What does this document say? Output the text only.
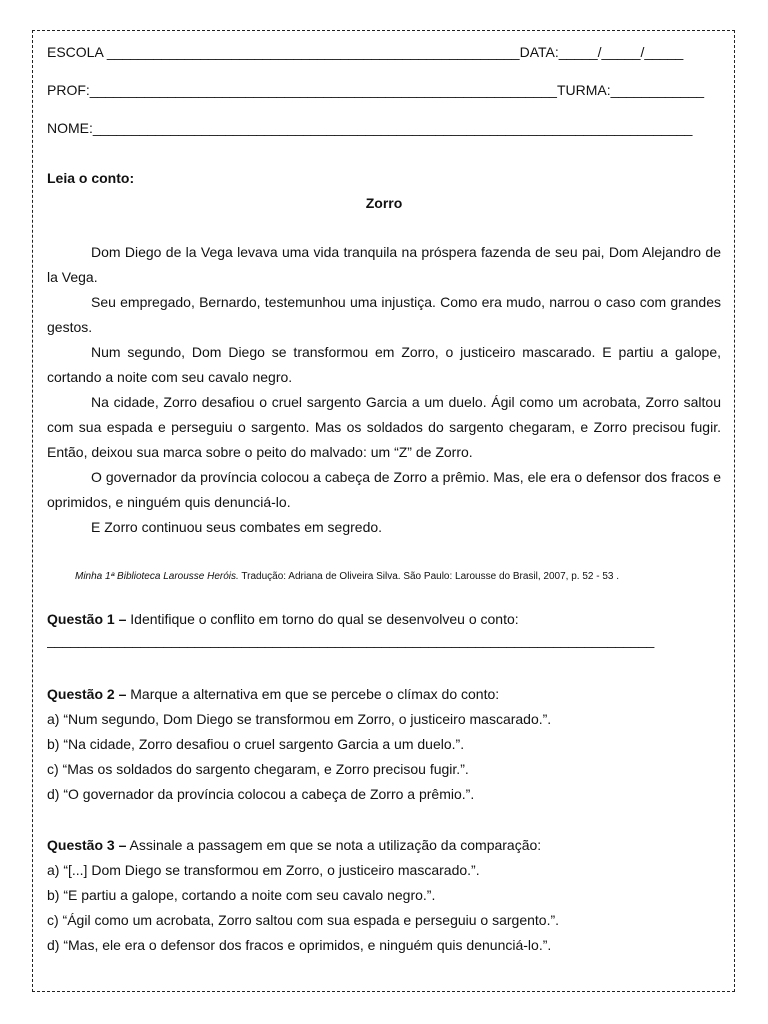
ESCOLA _____________________________________________________DATA:_____/_____/_____
PROF:____________________________________________________________TURMA:____________
NOME:_____________________________________________________________________________
Leia o conto:
Zorro

Dom Diego de la Vega levava uma vida tranquila na próspera fazenda de seu pai, Dom Alejandro de la Vega.

Seu empregado, Bernardo, testemunhou uma injustiça. Como era mudo, narrou o caso com grandes gestos.

Num segundo, Dom Diego se transformou em Zorro, o justiceiro mascarado. E partiu a galope, cortando a noite com seu cavalo negro.

Na cidade, Zorro desafiou o cruel sargento Garcia a um duelo. Ágil como um acrobata, Zorro saltou com sua espada e perseguiu o sargento. Mas os soldados do sargento chegaram, e Zorro precisou fugir. Então, deixou sua marca sobre o peito do malvado: um “Z” de Zorro.

O governador da província colocou a cabeça de Zorro a prêmio. Mas, ele era o defensor dos fracos e oprimidos, e ninguém quis denunciá-lo.

E Zorro continuou seus combates em segredo.

Minha 1ª Biblioteca Larousse Heróis. Tradução: Adriana de Oliveira Silva. São Paulo: Larousse do Brasil, 2007, p. 52 - 53 .

Questão 1 – Identifique o conflito em torno do qual se desenvolveu o conto:

______________________________________________________________________________

Questão 2 – Marque a alternativa em que se percebe o clímax do conto:

a) “Num segundo, Dom Diego se transformou em Zorro, o justiceiro mascarado.”.

b) “Na cidade, Zorro desafiou o cruel sargento Garcia a um duelo.”.

c) “Mas os soldados do sargento chegaram, e Zorro precisou fugir.”.

d) “O governador da província colocou a cabeça de Zorro a prêmio.”.

Questão 3 – Assinale a passagem em que se nota a utilização da comparação:

a) “[...] Dom Diego se transformou em Zorro, o justiceiro mascarado.”.

b) “E partiu a galope, cortando a noite com seu cavalo negro.”.

c) “Ágil como um acrobata, Zorro saltou com sua espada e perseguiu o sargento.”.

d) “Mas, ele era o defensor dos fracos e oprimidos, e ninguém quis denunciá-lo.”.
